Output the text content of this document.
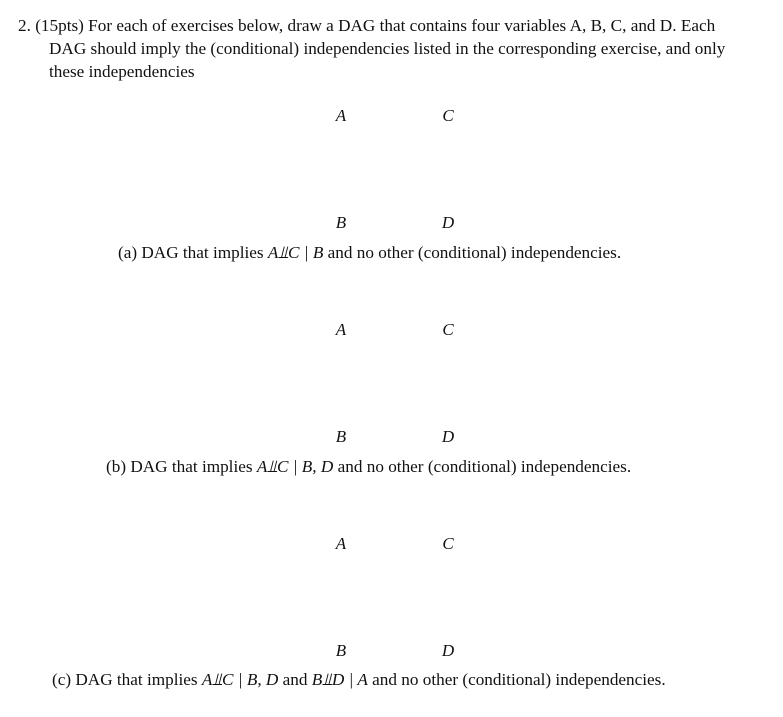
2. (15pts) For each of exercises below, draw a DAG that contains four variables A, B, C, and D. Each
DAG should imply the (conditional) independencies listed in the corresponding exercise, and only
these independencies
A	C
B	D
(a) DAG that implies A⫫C | B and no other (conditional) independencies.
A	C
B	D
(b) DAG that implies A⫫C | B, D and no other (conditional) independencies.
A	C
B	D
(c) DAG that implies A⫫C | B, D and B⫫D | A and no other (conditional) independencies.
